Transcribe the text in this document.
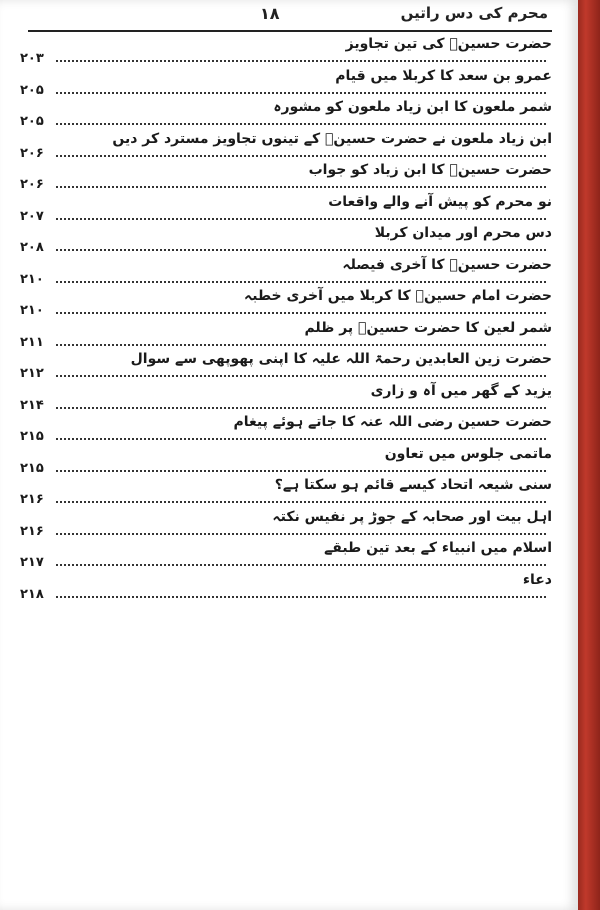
۱۸	محرم کی دس راتیں
حضرت حسینؓ کی تین تجاویز
۲۰۳
عمرو بن سعد کا کربلا میں قیام
۲۰۵
شمر ملعون کا ابن زیاد ملعون کو مشورہ
۲۰۵
ابن زیاد ملعون نے حضرت حسینؓ کے تینوں تجاویز مسترد کر دیں
۲۰۶
حضرت حسینؓ کا ابن زیاد کو جواب
۲۰۶
نو محرم کو پیش آنے والے واقعات
۲۰۷
دس محرم اور میدان کربلا
۲۰۸
حضرت حسینؓ کا آخری فیصلہ
۲۱۰
حضرت امام حسینؓ کا کربلا میں آخری خطبہ
۲۱۰
شمر لعین کا حضرت حسینؓ پر ظلم
۲۱۱
حضرت زین العابدین رحمۃ اللہ علیہ کا اپنی پھوپھی سے سوال
۲۱۲
یزید کے گھر میں آہ و زاری
۲۱۴
حضرت حسین رضی اللہ عنہ کا جاتے ہوئے پیغام
۲۱۵
ماتمی جلوس میں تعاون
۲۱۵
سنی شیعہ اتحاد کیسے قائم ہو سکتا ہے؟
۲۱۶
اہل بیت اور صحابہ کے جوڑ پر نفیس نکتہ
۲۱۶
اسلام میں انبیاء کے بعد تین طبقے
۲۱۷
دعاء
۲۱۸
